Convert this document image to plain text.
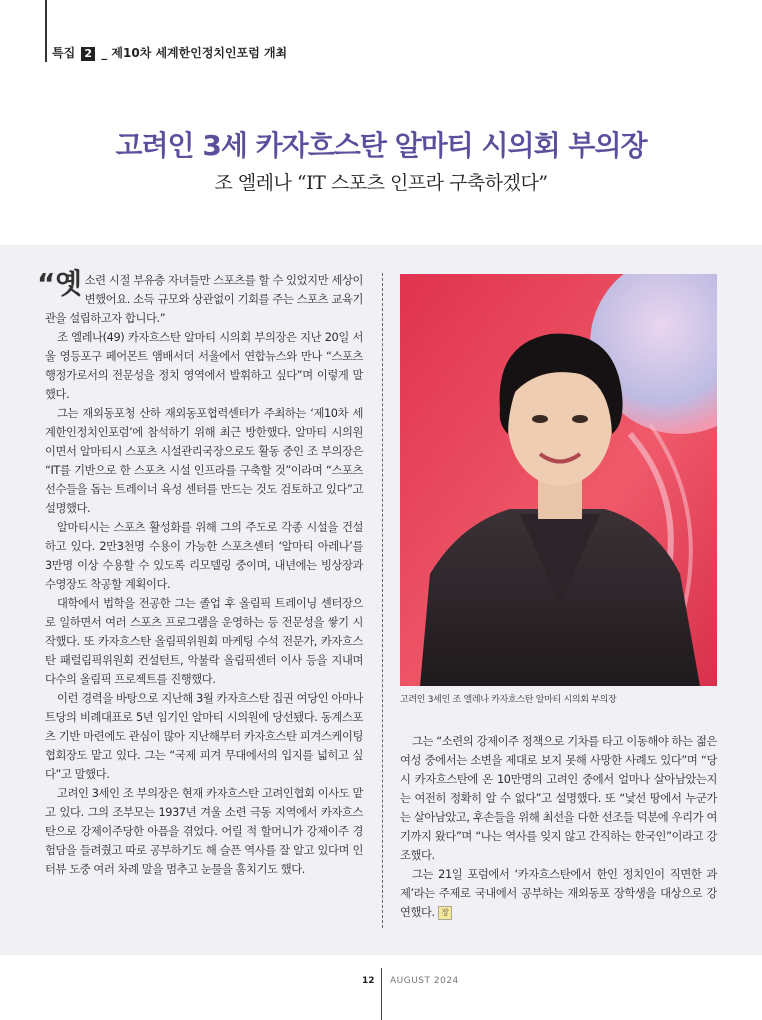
특집 2 _ 제10차 세계한인정치인포럼 개최
고려인 3세 카자흐스탄 알마티 시의회 부의장
조 엘레나 “IT 스포츠 인프라 구축하겠다”

“옛소련 시절 부유층 자녀들만 스포츠를 할 수 있었지만 세상이 변했어요. 소득 규모와 상관없이 기회를 주는 스포츠 교육기관을 설립하고자 합니다.”

조 엘레나(49) 카자흐스탄 알마티 시의회 부의장은 지난 20일 서울 영등포구 페어몬트 앰배서더 서울에서 연합뉴스와 만나 “스포츠 행정가로서의 전문성을 정치 영역에서 발휘하고 싶다”며 이렇게 말했다.

그는 재외동포청 산하 재외동포협력센터가 주최하는 ‘제10차 세계한인정치인포럼’에 참석하기 위해 최근 방한했다. 알마티 시의원이면서 알마티시 스포츠 시설관리국장으로도 활동 중인 조 부의장은 “IT를 기반으로 한 스포츠 시설 인프라를 구축할 것”이라며 “스포츠 선수들을 돕는 트레이너 육성 센터를 만드는 것도 검토하고 있다”고 설명했다.

알마티시는 스포츠 활성화를 위해 그의 주도로 각종 시설을 건설하고 있다. 2만3천명 수용이 가능한 스포츠센터 ‘알마티 아레나’를 3만명 이상 수용할 수 있도록 리모델링 중이며, 내년에는 빙상장과 수영장도 착공할 계획이다.

대학에서 법학을 전공한 그는 졸업 후 올림픽 트레이닝 센터장으로 일하면서 여러 스포츠 프로그램을 운영하는 등 전문성을 쌓기 시작했다. 또 카자흐스탄 올림픽위원회 마케팅 수석 전문가, 카자흐스탄 패럴림픽위원회 컨설턴트, 악불락 올림픽센터 이사 등을 지내며 다수의 올림픽 프로젝트를 진행했다.

이런 경력을 바탕으로 지난해 3월 카자흐스탄 집권 여당인 아마나트당의 비례대표로 5년 임기인 알마티 시의원에 당선됐다. 동계스포츠 기반 마련에도 관심이 많아 지난해부터 카자흐스탄 피겨스케이팅협회장도 맡고 있다. 그는 “국제 피겨 무대에서의 입지를 넓히고 싶다”고 말했다.

고려인 3세인 조 부의장은 현재 카자흐스탄 고려인협회 이사도 맡고 있다. 그의 조부모는 1937년 겨울 소련 극동 지역에서 카자흐스탄으로 강제이주당한 아픔을 겪었다. 어릴 적 할머니가 강제이주 경험담을 들려줬고 따로 공부하기도 해 슬픈 역사를 잘 알고 있다며 인터뷰 도중 여러 차례 말을 멈추고 눈물을 훔치기도 했다.

고려인 3세인 조 엘레나 카자흐스탄 알마티 시의회 부의장

그는 “소련의 강제이주 정책으로 기차를 타고 이동해야 하는 젊은 여성 중에서는 소변을 제대로 보지 못해 사망한 사례도 있다”며 “당시 카자흐스탄에 온 10만명의 고려인 중에서 얼마나 살아남았는지는 여전히 정확히 알 수 없다”고 설명했다. 또 “낯선 땅에서 누군가는 살아남았고, 후손들을 위해 최선을 다한 선조들 덕분에 우리가 여기까지 왔다”며 “나는 역사를 잊지 않고 간직하는 한국인”이라고 강조했다.

그는 21일 포럼에서 ‘카자흐스탄에서 한인 정치인이 직면한 과제’라는 주제로 국내에서 공부하는 재외동포 장학생을 대상으로 강연했다. 장

12 AUGUST 2024
